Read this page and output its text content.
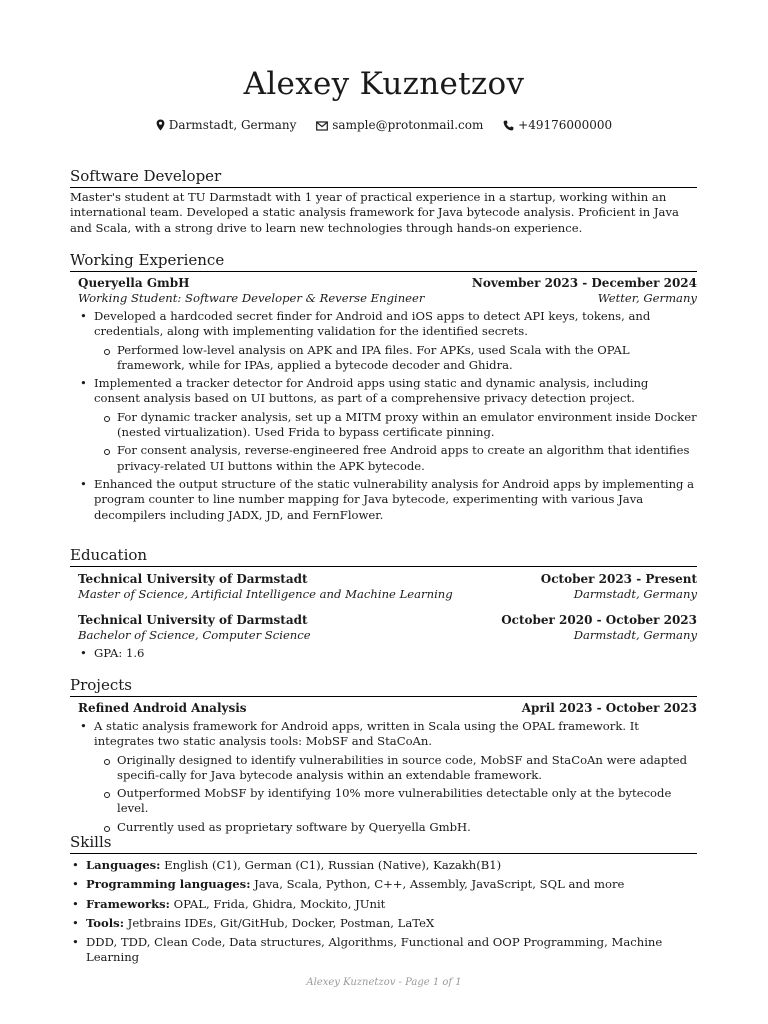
Alexey Kuznetzov
Darmstadt, Germany	sample@protonmail.com	+49176000000
Software Developer

Master's student at TU Darmstadt with 1 year of practical experience in a startup, working within an international team. Developed a static analysis framework for Java bytecode analysis. Proficient in Java and Scala, with a strong drive to learn new technologies through hands-on experience.

Working Experience
Queryella GmbH	November 2023 - December 2024
Working Student: Software Developer & Reverse Engineer	Wetter, Germany
• Developed a hardcoded secret finder for Android and iOS apps to detect API keys, tokens, and credentials, along with implementing validation for the identified secrets.
Performed low-level analysis on APK and IPA files. For APKs, used Scala with the OPAL framework, while for IPAs, applied a bytecode decoder and Ghidra.
• Implemented a tracker detector for Android apps using static and dynamic analysis, including consent analysis based on UI buttons, as part of a comprehensive privacy detection project.
For dynamic tracker analysis, set up a MITM proxy within an emulator environment inside Docker (nested virtualization). Used Frida to bypass certificate pinning.
For consent analysis, reverse-engineered free Android apps to create an algorithm that identifies privacy-related UI buttons within the APK bytecode.
• Enhanced the output structure of the static vulnerability analysis for Android apps by implementing a program counter to line number mapping for Java bytecode, experimenting with various Java decompilers including JADX, JD, and FernFlower.
Education
Technical University of Darmstadt	October 2023 - Present
Master of Science, Artificial Intelligence and Machine Learning	Darmstadt, Germany
Technical University of Darmstadt	October 2020 - October 2023
Bachelor of Science, Computer Science	Darmstadt, Germany
• GPA: 1.6
Projects
Refined Android Analysis	April 2023 - October 2023
• A static analysis framework for Android apps, written in Scala using the OPAL framework. It integrates two static analysis tools: MobSF and StaCoAn.
Originally designed to identify vulnerabilities in source code, MobSF and StaCoAn were adapted specifi-cally for Java bytecode analysis within an extendable framework.
Outperformed MobSF by identifying 10% more vulnerabilities detectable only at the bytecode level.
Currently used as proprietary software by Queryella GmbH.
Skills
• Languages: English (C1), German (C1), Russian (Native), Kazakh(B1)
• Programming languages: Java, Scala, Python, C++, Assembly, JavaScript, SQL and more
• Frameworks: OPAL, Frida, Ghidra, Mockito, JUnit
• Tools: Jetbrains IDEs, Git/GitHub, Docker, Postman, LaTeX
• DDD, TDD, Clean Code, Data structures, Algorithms, Functional and OOP Programming, Machine Learning
Alexey Kuznetzov - Page 1 of 1
